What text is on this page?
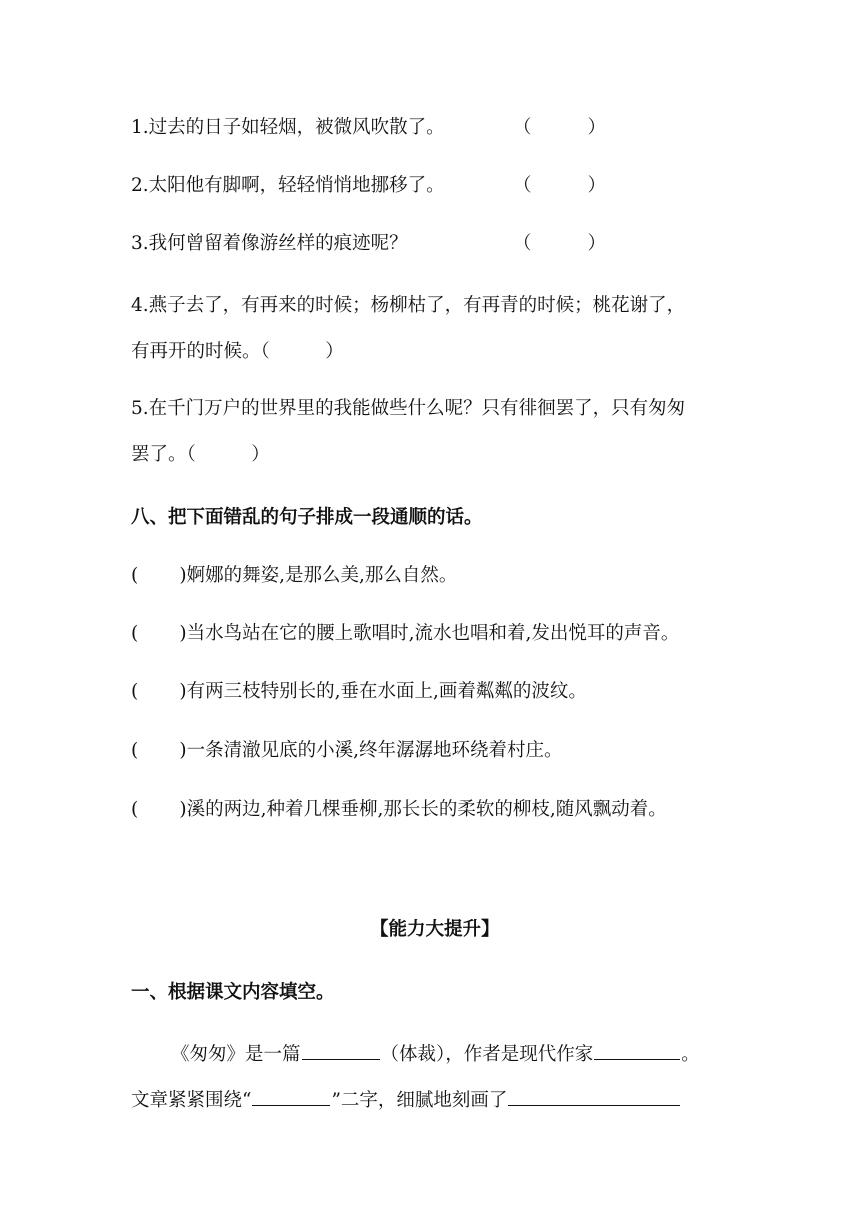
1.过去的日子如轻烟，被微风吹散了。	（	）
2.太阳他有脚啊，轻轻悄悄地挪移了。	（	）
3.我何曾留着像游丝样的痕迹呢？	（	）
4.燕子去了，有再来的时候；杨柳枯了，有再青的时候；桃花谢了，
有再开的时候。（　　　）
5.在千门万户的世界里的我能做些什么呢？只有徘徊罢了，只有匆匆
罢了。（　　　）
八、把下面错乱的句子排成一段通顺的话。
(       )婀娜的舞姿,是那么美,那么自然。
(       )当水鸟站在它的腰上歌唱时,流水也唱和着,发出悦耳的声音。
(       )有两三枝特别长的,垂在水面上,画着粼粼的波纹。
(       )一条清澈见底的小溪,终年潺潺地环绕着村庄。
(       )溪的两边,种着几棵垂柳,那长长的柔软的柳枝,随风飘动着。
【能力大提升】
一、根据课文内容填空。
《匆匆》是一篇	（体裁），作者是现代作家	。
文章紧紧围绕“	”二字，细腻地刻画了
